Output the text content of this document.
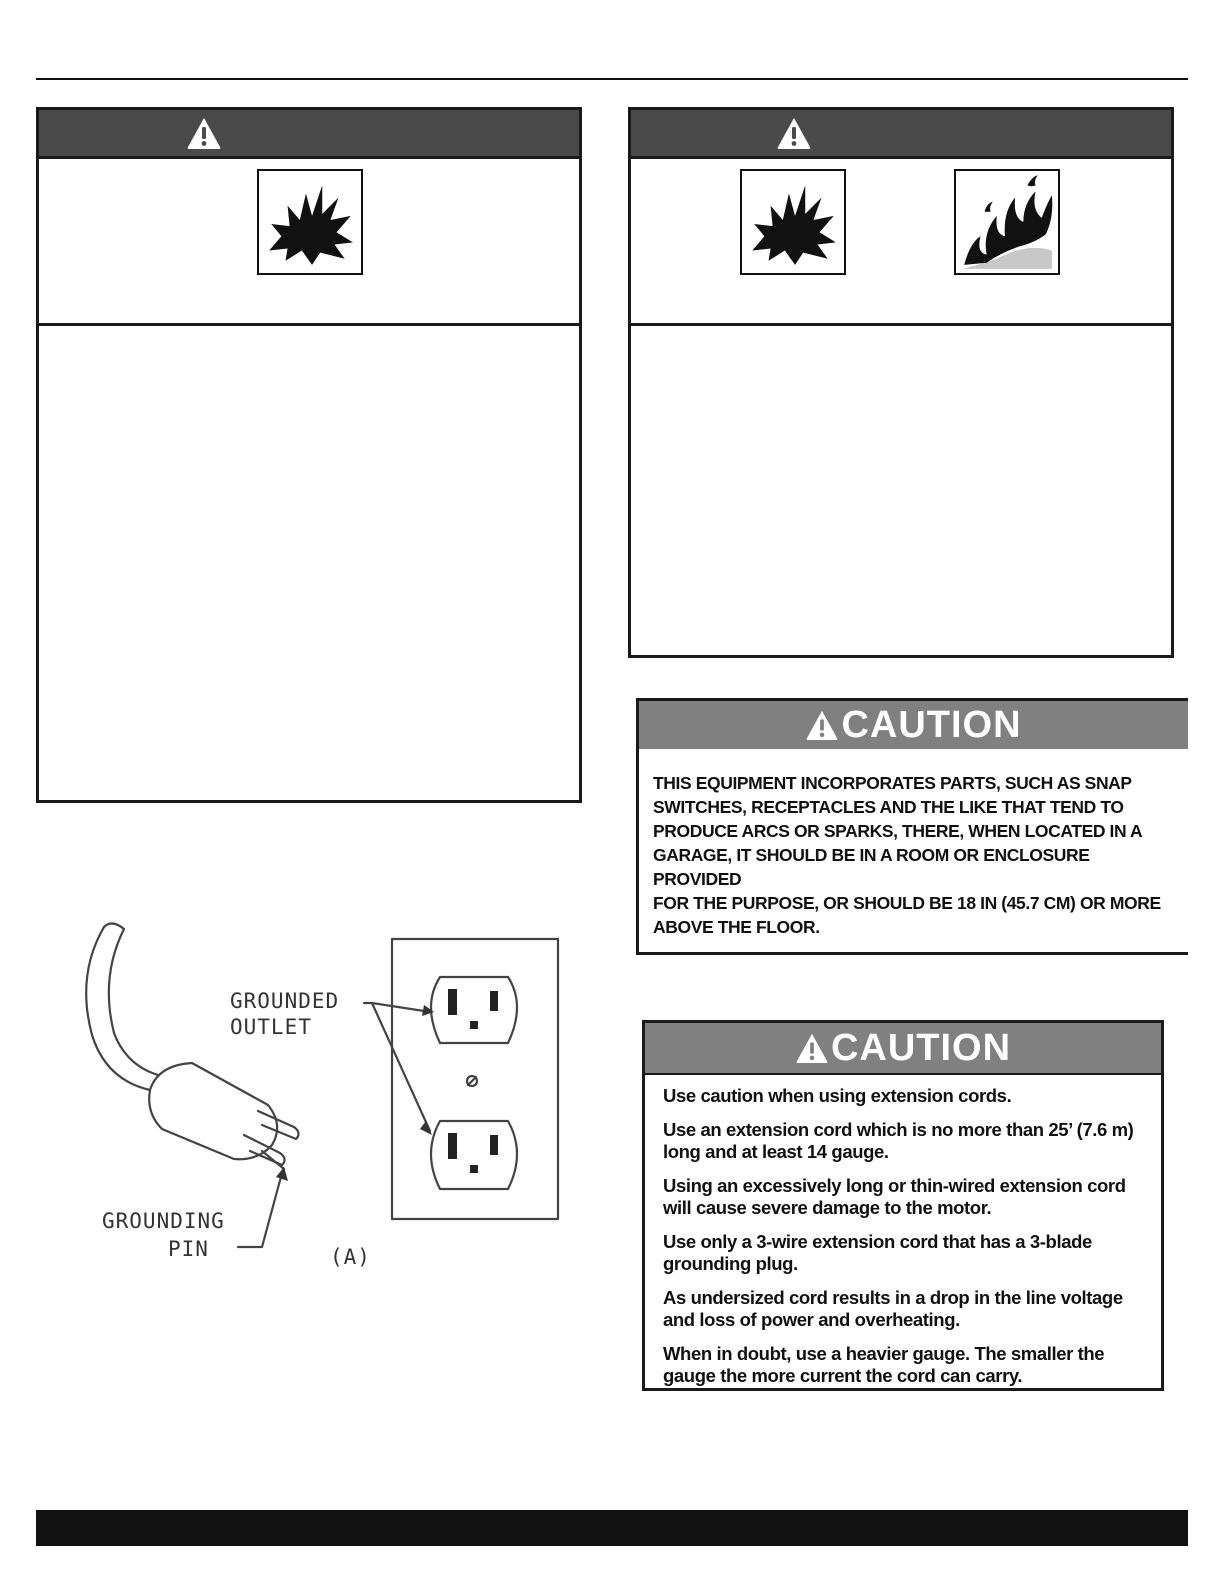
CAUTION
THIS EQUIPMENT INCORPORATES PARTS, SUCH AS SNAP
SWITCHES, RECEPTACLES AND THE LIKE THAT TEND TO
PRODUCE ARCS OR SPARKS, THERE, WHEN LOCATED IN A
GARAGE, IT SHOULD BE IN A ROOM OR ENCLOSURE PROVIDED
FOR THE PURPOSE, OR SHOULD BE 18 IN (45.7 CM) OR MORE
ABOVE THE FLOOR.
CAUTION

Use caution when using extension cords.

Use an extension cord which is no more than 25’ (7.6 m) long and at least 14 gauge.

Using an excessively long or thin-wired extension cord will cause severe damage to the motor.

Use only a 3-wire extension cord that has a 3-blade grounding plug.

As undersized cord results in a drop in the line voltage and loss of power and overheating.

When in doubt, use a heavier gauge. The smaller the gauge the more current the cord can carry.

GROUNDED
OUTLET
GROUNDING
PIN	(A)
